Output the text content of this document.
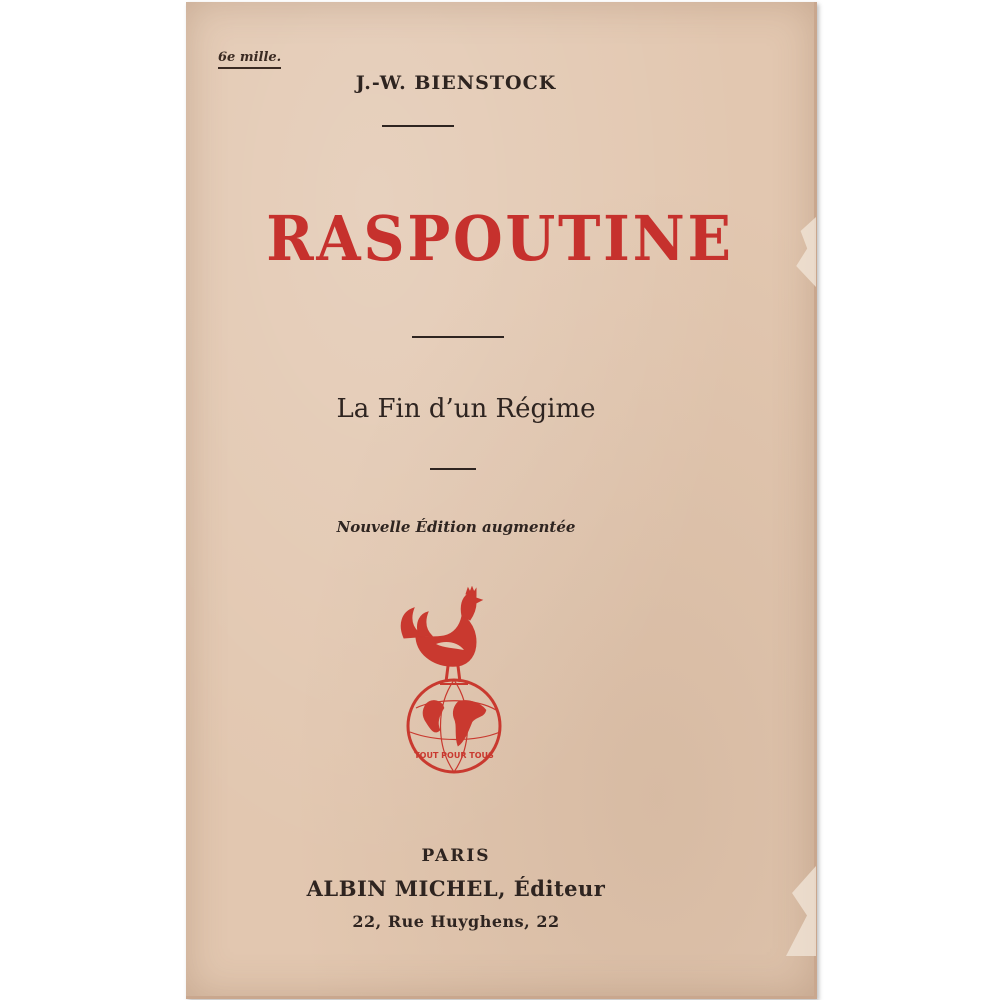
6e mille.
J.-W. BIENSTOCK
RASPOUTINE
La Fin d’un Régime
Nouvelle Édition augmentée
TOUT POUR TOUS
PARIS
ALBIN MICHEL, Éditeur
22, Rue Huyghens, 22
